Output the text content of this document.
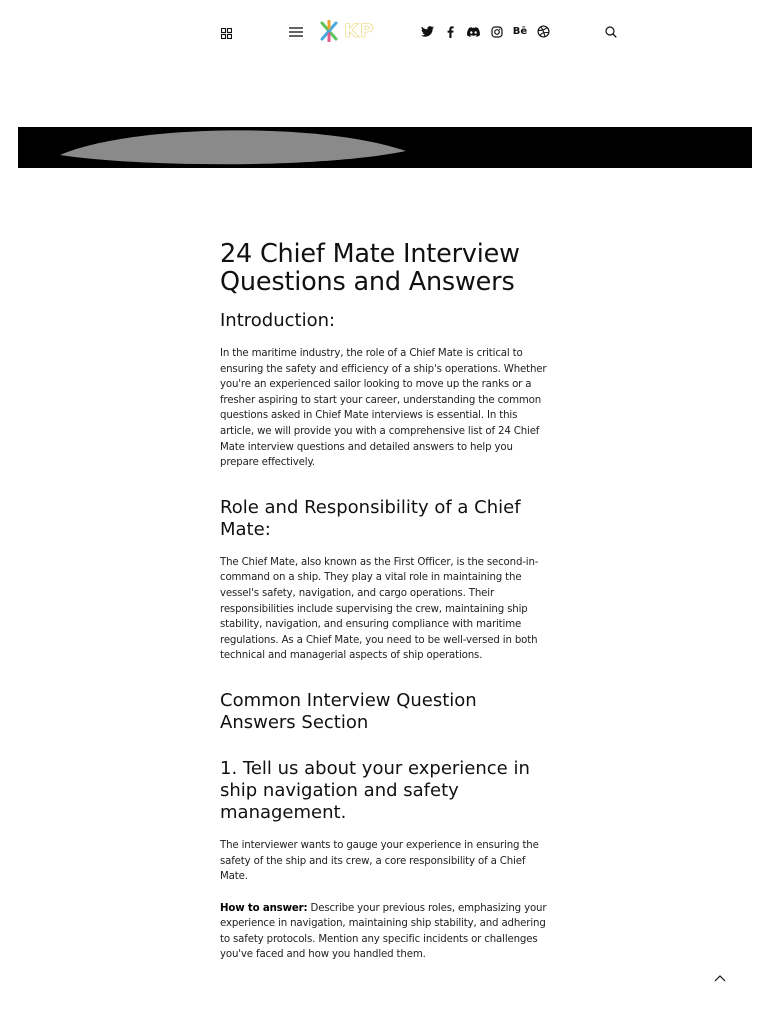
KP	Bē
24 Chief Mate Interview Questions and Answers
Introduction:

In the maritime industry, the role of a Chief Mate is critical to ensuring the safety and efficiency of a ship's operations. Whether you're an experienced sailor looking to move up the ranks or a fresher aspiring to start your career, understanding the common questions asked in Chief Mate interviews is essential. In this article, we will provide you with a comprehensive list of 24 Chief Mate interview questions and detailed answers to help you prepare effectively.

Role and Responsibility of a Chief Mate:

The Chief Mate, also known as the First Officer, is the second-in-command on a ship. They play a vital role in maintaining the vessel's safety, navigation, and cargo operations. Their responsibilities include supervising the crew, maintaining ship stability, navigation, and ensuring compliance with maritime regulations. As a Chief Mate, you need to be well-versed in both technical and managerial aspects of ship operations.

Common Interview Question Answers Section
1. Tell us about your experience in ship navigation and safety management.

The interviewer wants to gauge your experience in ensuring the safety of the ship and its crew, a core responsibility of a Chief Mate.

How to answer: Describe your previous roles, emphasizing your experience in navigation, maintaining ship stability, and adhering to safety protocols. Mention any specific incidents or challenges you've faced and how you handled them.
